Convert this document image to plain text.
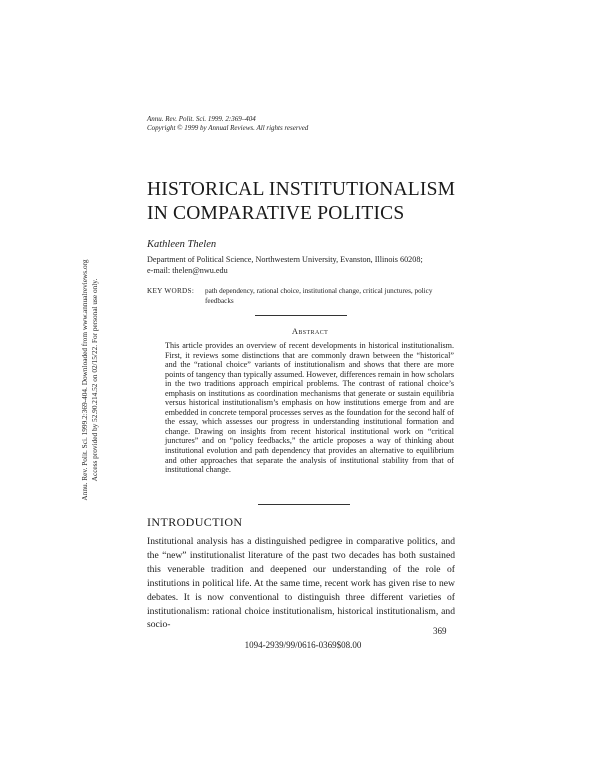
Annu. Rev. Polit. Sci. 1999. 2:369–404
Copyright © 1999 by Annual Reviews. All rights reserved
HISTORICAL INSTITUTIONALISM
IN COMPARATIVE POLITICS
Kathleen Thelen
Department of Political Science, Northwestern University, Evanston, Illinois 60208;
e-mail: thelen@nwu.edu
KEY WORDS: path dependency, rational choice, institutional change, critical junctures, policy feedbacks
Abstract
This article provides an overview of recent developments in historical institutionalism. First, it reviews some distinctions that are commonly drawn between the “historical” and the “rational choice” variants of institutionalism and shows that there are more points of tangency than typically assumed. However, differences remain in how scholars in the two traditions approach empirical problems. The contrast of rational choice’s emphasis on institutions as coordination mechanisms that generate or sustain equilibria versus historical institutionalism’s emphasis on how institutions emerge from and are embedded in concrete temporal processes serves as the foundation for the second half of the essay, which assesses our progress in understanding institutional formation and change. Drawing on insights from recent historical institutional work on “critical junctures” and on “policy feedbacks,” the article proposes a way of thinking about institutional evolution and path dependency that provides an alternative to equilibrium and other approaches that separate the analysis of institutional stability from that of institutional change.
INTRODUCTION
Institutional analysis has a distinguished pedigree in comparative politics, and the “new” institutionalist literature of the past two decades has both sustained this venerable tradition and deepened our understanding of the role of institutions in political life. At the same time, recent work has given rise to new debates. It is now conventional to distinguish three different varieties of institutionalism: rational choice institutionalism, historical institutionalism, and socio-
369
1094-2939/99/0616-0369$08.00
Annu. Rev. Polit. Sci. 1999.2:369-404. Downloaded from www.annualreviews.org Access provided by 52.90.214.52 on 02/15/22. For personal use only.
